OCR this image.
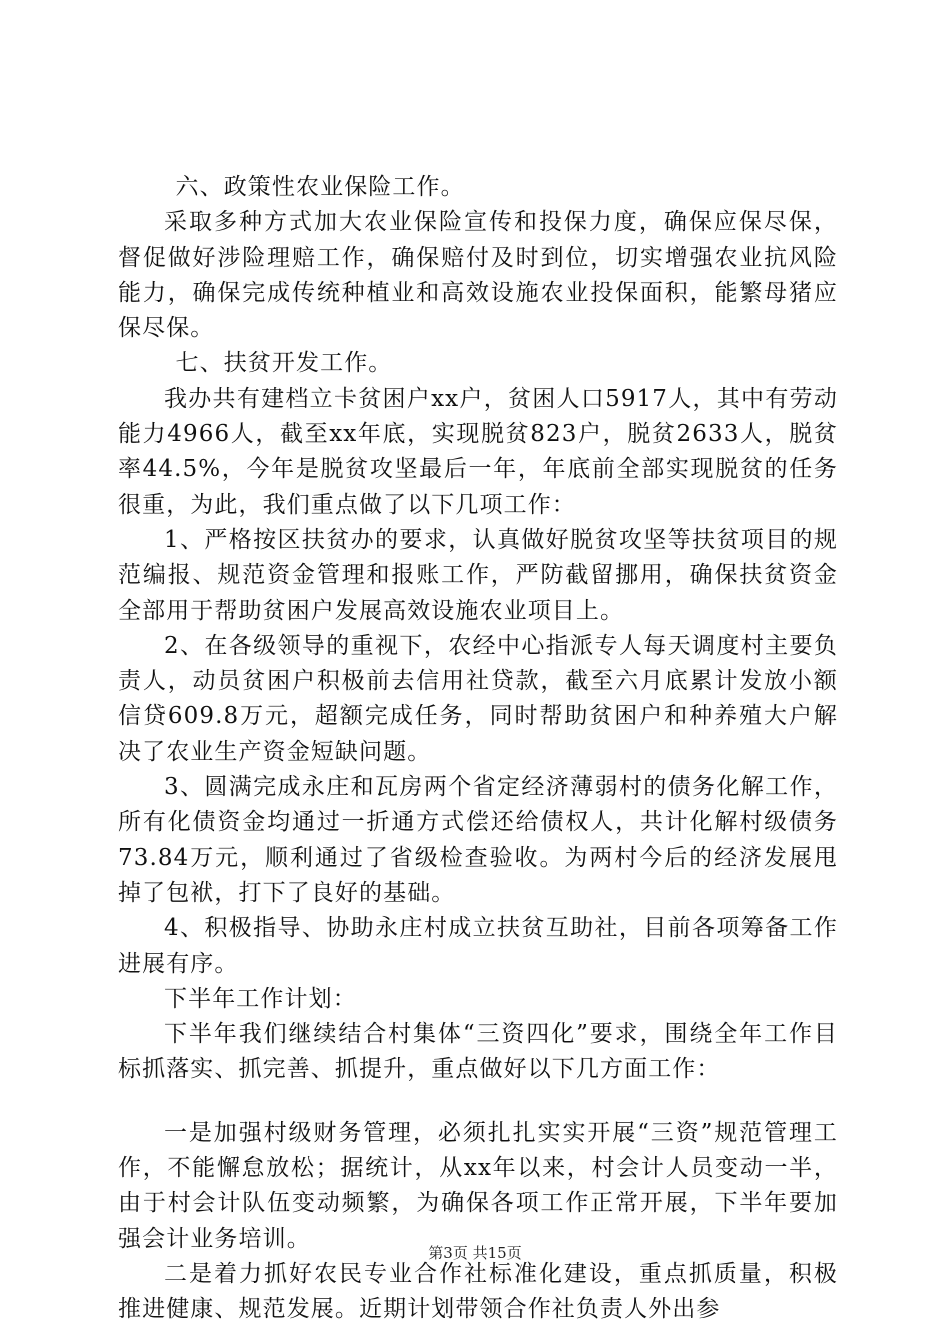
六、政策性农业保险工作。

采取多种方式加大农业保险宣传和投保力度，确保应保尽保，督促做好涉险理赔工作，确保赔付及时到位，切实增强农业抗风险能力，确保完成传统种植业和高效设施农业投保面积，能繁母猪应保尽保。

七、扶贫开发工作。

我办共有建档立卡贫困户xx户，贫困人口5917人，其中有劳动能力4966人，截至xx年底，实现脱贫823户，脱贫2633人，脱贫率44.5%，今年是脱贫攻坚最后一年，年底前全部实现脱贫的任务很重，为此，我们重点做了以下几项工作：

1、严格按区扶贫办的要求，认真做好脱贫攻坚等扶贫项目的规范编报、规范资金管理和报账工作，严防截留挪用，确保扶贫资金全部用于帮助贫困户发展高效设施农业项目上。

2、在各级领导的重视下，农经中心指派专人每天调度村主要负责人，动员贫困户积极前去信用社贷款，截至六月底累计发放小额信贷609.8万元，超额完成任务，同时帮助贫困户和种养殖大户解决了农业生产资金短缺问题。

3、圆满完成永庄和瓦房两个省定经济薄弱村的债务化解工作，所有化债资金均通过一折通方式偿还给债权人，共计化解村级债务73.84万元，顺利通过了省级检查验收。为两村今后的经济发展甩掉了包袱，打下了良好的基础。

4、积极指导、协助永庄村成立扶贫互助社，目前各项筹备工作进展有序。

下半年工作计划：

下半年我们继续结合村集体“三资四化”要求，围绕全年工作目标抓落实、抓完善、抓提升，重点做好以下几方面工作：

一是加强村级财务管理，必须扎扎实实开展“三资”规范管理工作，不能懈怠放松；据统计，从xx年以来，村会计人员变动一半，由于村会计队伍变动频繁，为确保各项工作正常开展，下半年要加强会计业务培训。

二是着力抓好农民专业合作社标准化建设，重点抓质量，积极推进健康、规范发展。近期计划带领合作社负责人外出参

第3页 共15页
